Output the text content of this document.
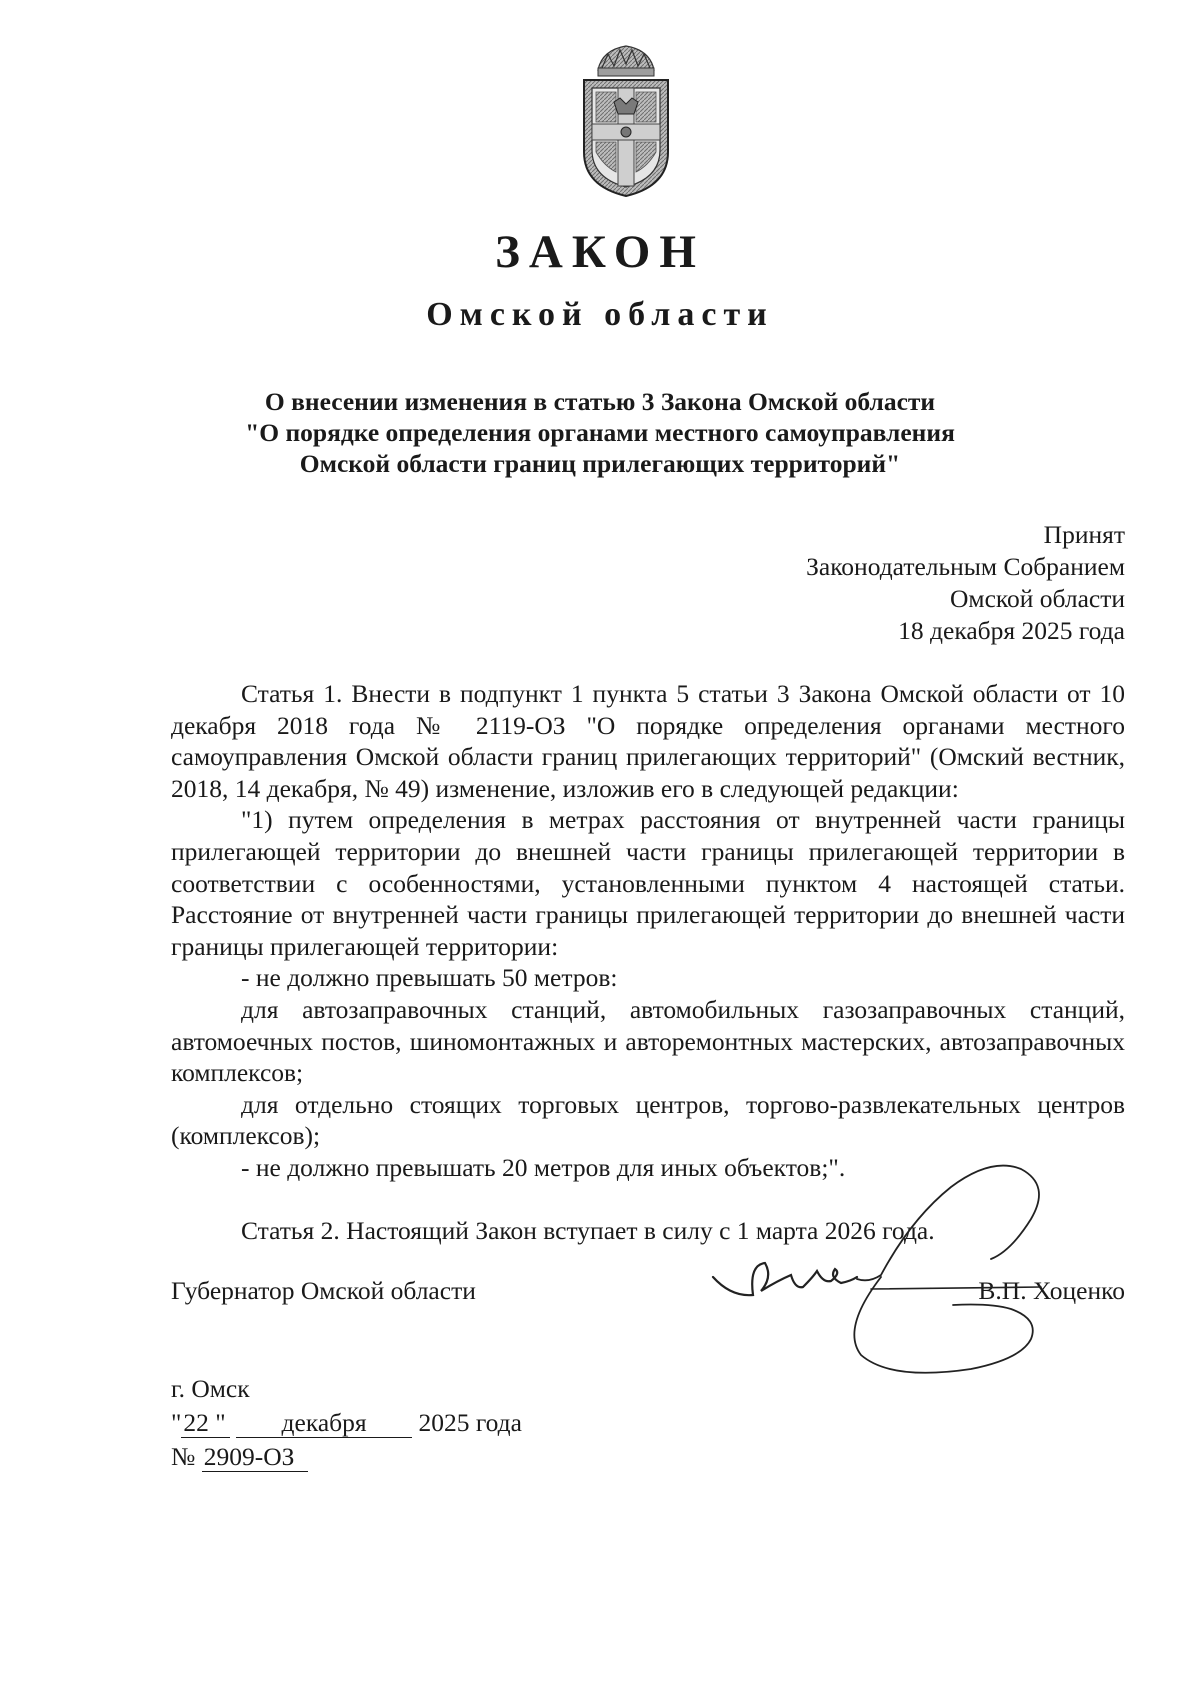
ЗАКОН
Омской области
О внесении изменения в статью 3 Закона Омской области
"О порядке определения органами местного самоуправления
Омской области границ прилегающих территорий"
Принят
Законодательным Собранием
Омской области
18 декабря 2025 года

Статья 1. Внести в подпункт 1 пункта 5 статьи 3 Закона Омской области от 10 декабря 2018 года № 2119-ОЗ "О порядке определения органами местного самоуправления Омской области границ прилегающих территорий" (Омский вестник, 2018, 14 декабря, № 49) изменение, изложив его в следующей редакции:

"1) путем определения в метрах расстояния от внутренней части границы прилегающей территории до внешней части границы прилегающей территории в соответствии с особенностями, установленными пунктом 4 настоящей статьи. Расстояние от внутренней части границы прилегающей территории до внешней части границы прилегающей территории:

- не должно превышать 50 метров:

для автозаправочных станций, автомобильных газозаправочных станций, автомоечных постов, шиномонтажных и авторемонтных мастерских, автозаправочных комплексов;

для отдельно стоящих торговых центров, торгово-развлекательных центров (комплексов);

- не должно превышать 20 метров для иных объектов;".

Статья 2. Настоящий Закон вступает в силу с 1 марта 2026 года.

Губернатор Омской области	В.П. Хоценко
г. Омск
"22 " декабря 2025 года
№ 2909-ОЗ
